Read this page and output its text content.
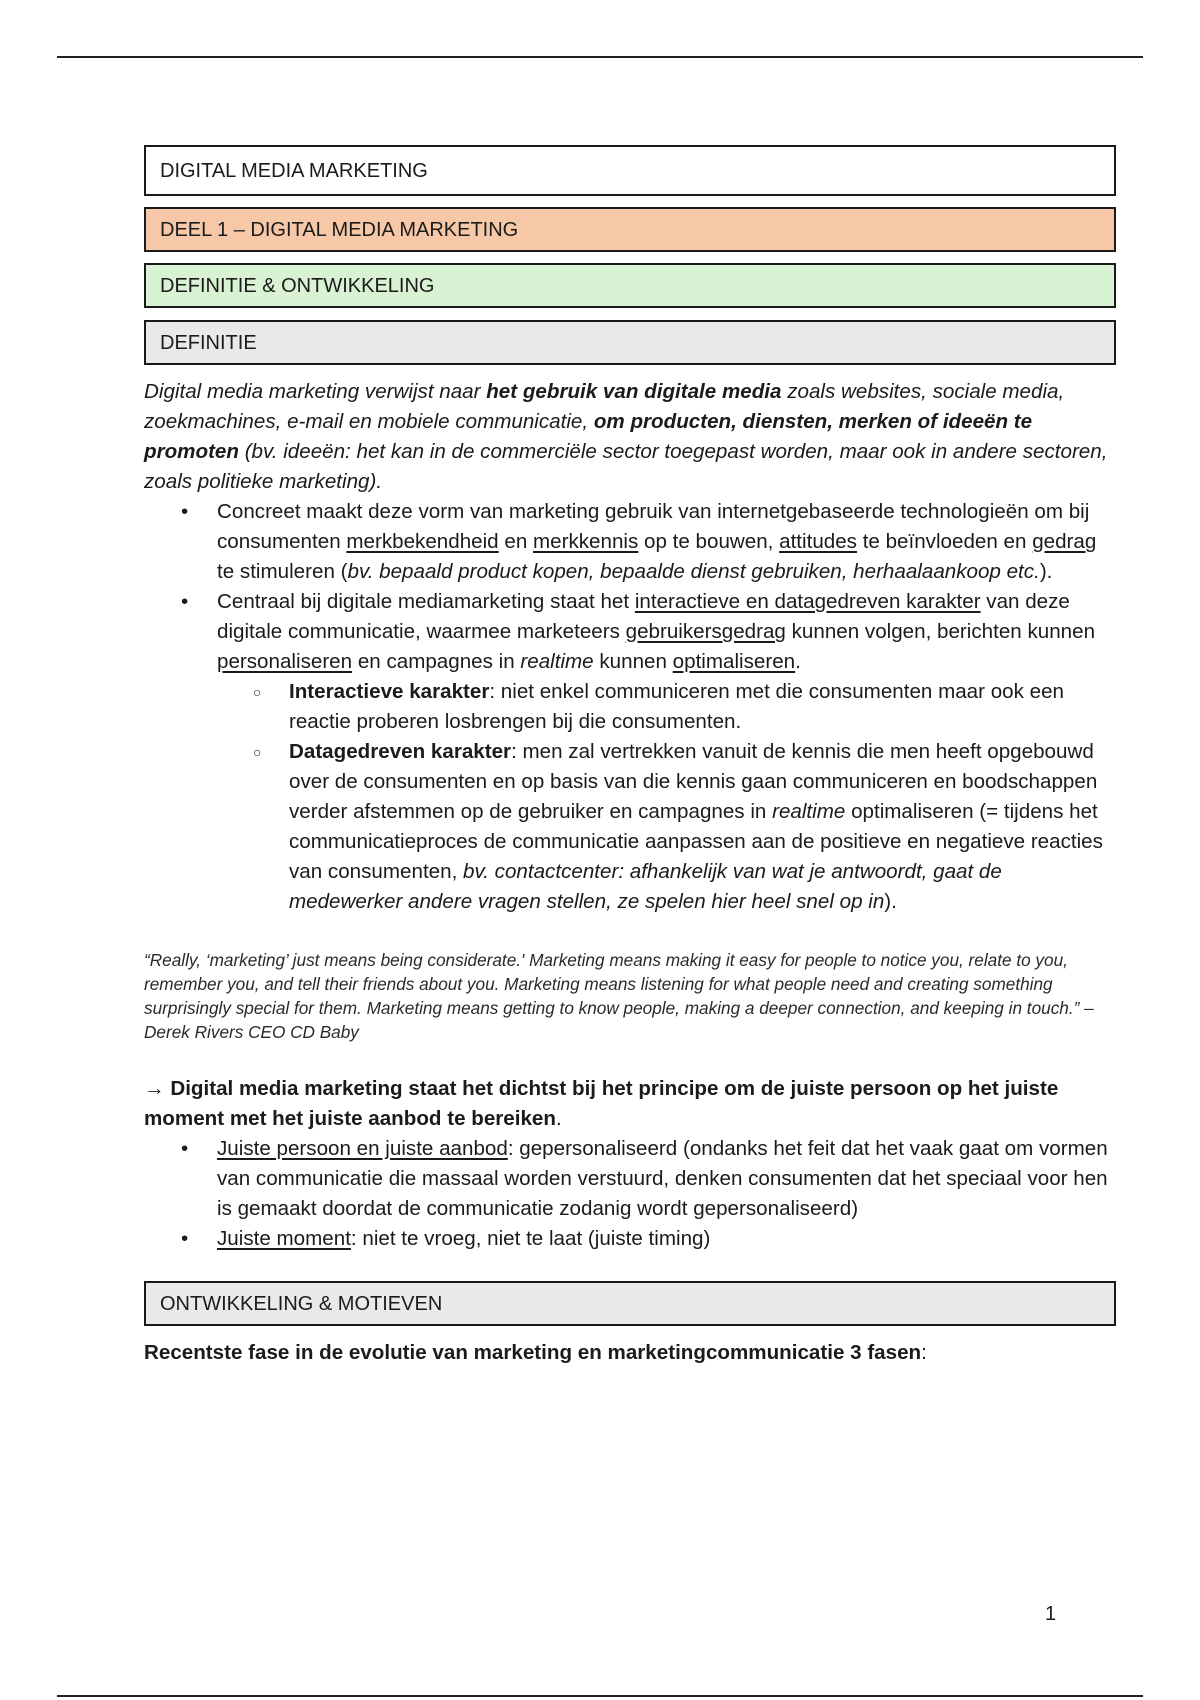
DIGITAL MEDIA MARKETING
DEEL 1 – DIGITAL MEDIA MARKETING
DEFINITIE & ONTWIKKELING
DEFINITIE

Digital media marketing verwijst naar het gebruik van digitale media zoals websites, sociale media, zoekmachines, e-mail en mobiele communicatie, om producten, diensten, merken of ideeën te promoten (bv. ideeën: het kan in de commerciële sector toegepast worden, maar ook in andere sectoren, zoals politieke marketing).

• Concreet maakt deze vorm van marketing gebruik van internetgebaseerde technologieën om bij consumenten merkbekendheid en merkkennis op te bouwen, attitudes te beïnvloeden en gedrag te stimuleren (bv. bepaald product kopen, bepaalde dienst gebruiken, herhaalaankoop etc.).
• Centraal bij digitale mediamarketing staat het interactieve en datagedreven karakter van deze digitale communicatie, waarmee marketeers gebruikersgedrag kunnen volgen, berichten kunnen personaliseren en campagnes in realtime kunnen optimaliseren.
○ Interactieve karakter: niet enkel communiceren met die consumenten maar ook een reactie proberen losbrengen bij die consumenten.
○ Datagedreven karakter: men zal vertrekken vanuit de kennis die men heeft opgebouwd over de consumenten en op basis van die kennis gaan communiceren en boodschappen verder afstemmen op de gebruiker en campagnes in realtime optimaliseren (= tijdens het communicatieproces de communicatie aanpassen aan de positieve en negatieve reacties van consumenten, bv. contactcenter: afhankelijk van wat je antwoordt, gaat de medewerker andere vragen stellen, ze spelen hier heel snel op in).

“Really, ‘marketing’ just means being considerate.' Marketing means making it easy for people to notice you, relate to you, remember you, and tell their friends about you. Marketing means listening for what people need and creating something surprisingly special for them. Marketing means getting to know people, making a deeper connection, and keeping in touch.” – Derek Rivers CEO CD Baby

→ Digital media marketing staat het dichtst bij het principe om de juiste persoon op het juiste moment met het juiste aanbod te bereiken.

• Juiste persoon en juiste aanbod: gepersonaliseerd (ondanks het feit dat het vaak gaat om vormen van communicatie die massaal worden verstuurd, denken consumenten dat het speciaal voor hen is gemaakt doordat de communicatie zodanig wordt gepersonaliseerd)
• Juiste moment: niet te vroeg, niet te laat (juiste timing)
ONTWIKKELING & MOTIEVEN

Recentste fase in de evolutie van marketing en marketingcommunicatie 3 fasen:

1
